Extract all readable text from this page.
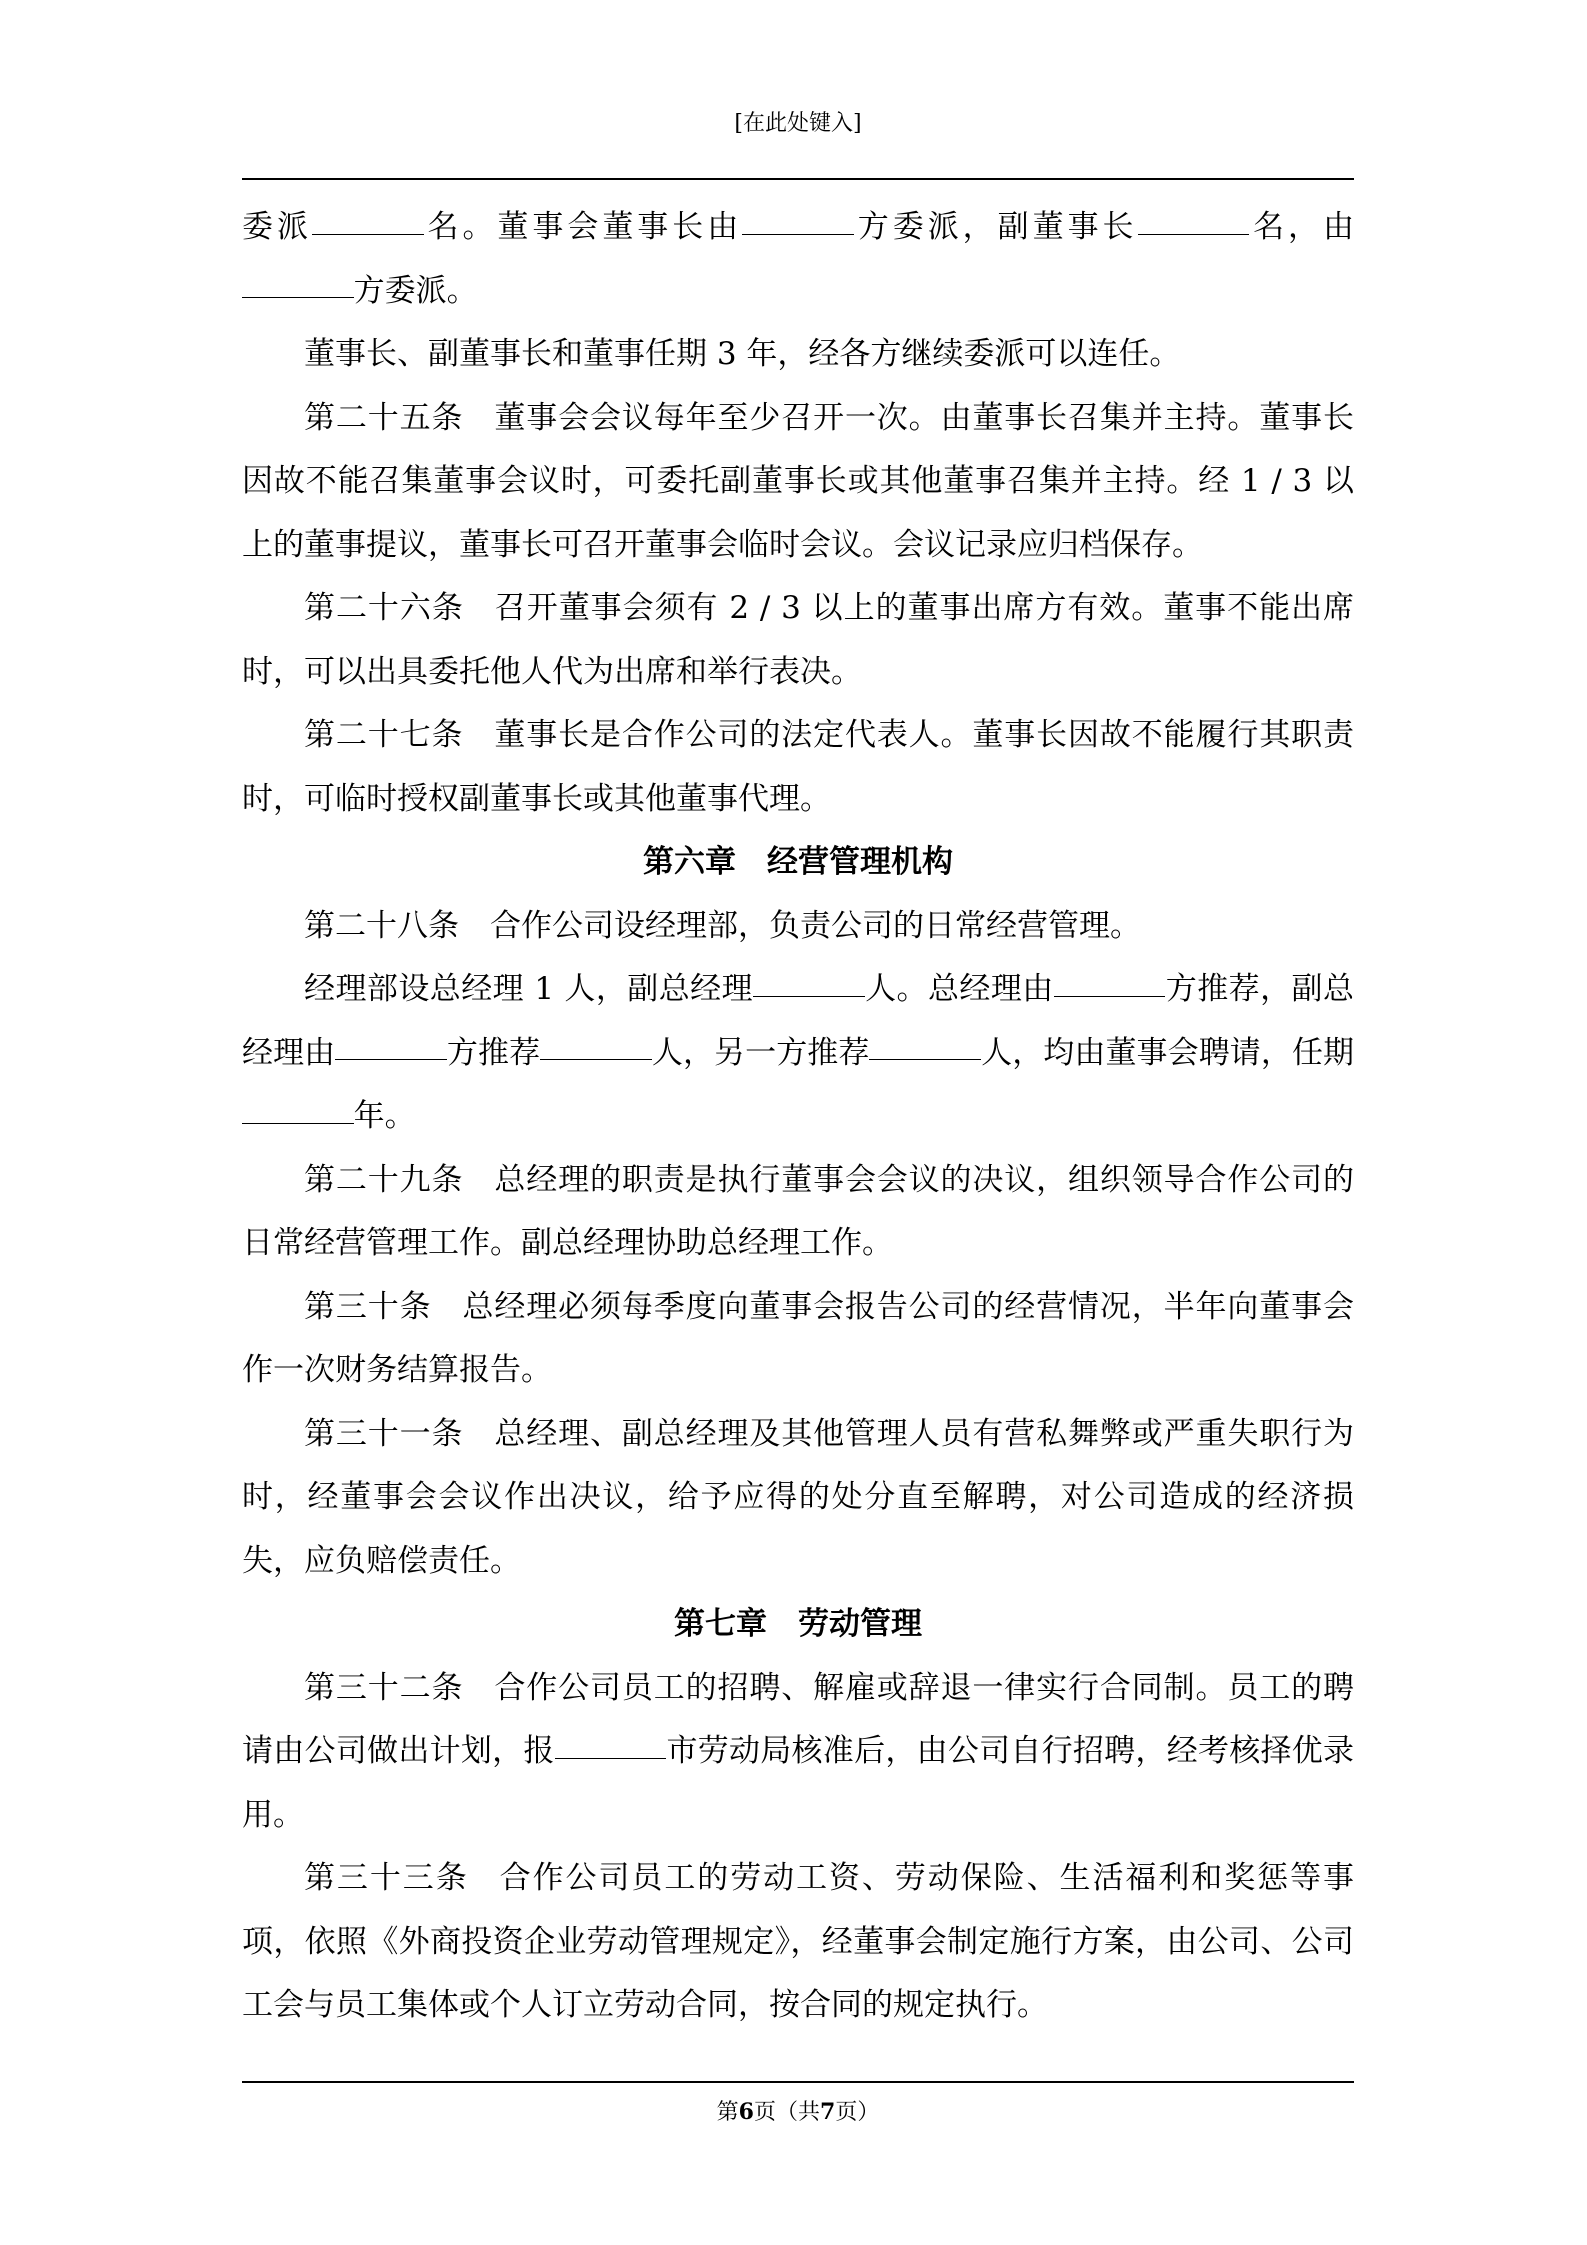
[在此处键入]

委派	名。董事会董事长由	方委派，副董事长	名，由方委派。

董事长、副董事长和董事任期 3 年，经各方继续委派可以连任。

第二十五条 董事会会议每年至少召开一次。由董事长召集并主持。董事长因故不能召集董事会议时，可委托副董事长或其他董事召集并主持。经 1 / 3 以上的董事提议，董事长可召开董事会临时会议。会议记录应归档保存。

第二十六条 召开董事会须有 2 / 3 以上的董事出席方有效。董事不能出席时，可以出具委托他人代为出席和举行表决。

第二十七条 董事长是合作公司的法定代表人。董事长因故不能履行其职责时，可临时授权副董事长或其他董事代理。

第六章　经营管理机构

第二十八条 合作公司设经理部，负责公司的日常经营管理。

经理部设总经理 1 人，副总经理	人。总经理由	方推荐，副总经理由	方推荐	人，另一方推荐	人，均由董事会聘请，任期年。

第二十九条 总经理的职责是执行董事会会议的决议，组织领导合作公司的日常经营管理工作。副总经理协助总经理工作。

第三十条 总经理必须每季度向董事会报告公司的经营情况，半年向董事会作一次财务结算报告。

第三十一条 总经理、副总经理及其他管理人员有营私舞弊或严重失职行为时，经董事会会议作出决议，给予应得的处分直至解聘，对公司造成的经济损失，应负赔偿责任。

第七章　劳动管理

第三十二条 合作公司员工的招聘、解雇或辞退一律实行合同制。员工的聘请由公司做出计划，报	市劳动局核准后，由公司自行招聘，经考核择优录用。

第三十三条 合作公司员工的劳动工资、劳动保险、生活福利和奖惩等事项，依照《外商投资企业劳动管理规定》，经董事会制定施行方案，由公司、公司工会与员工集体或个人订立劳动合同，按合同的规定执行。

第6页（共7页）
